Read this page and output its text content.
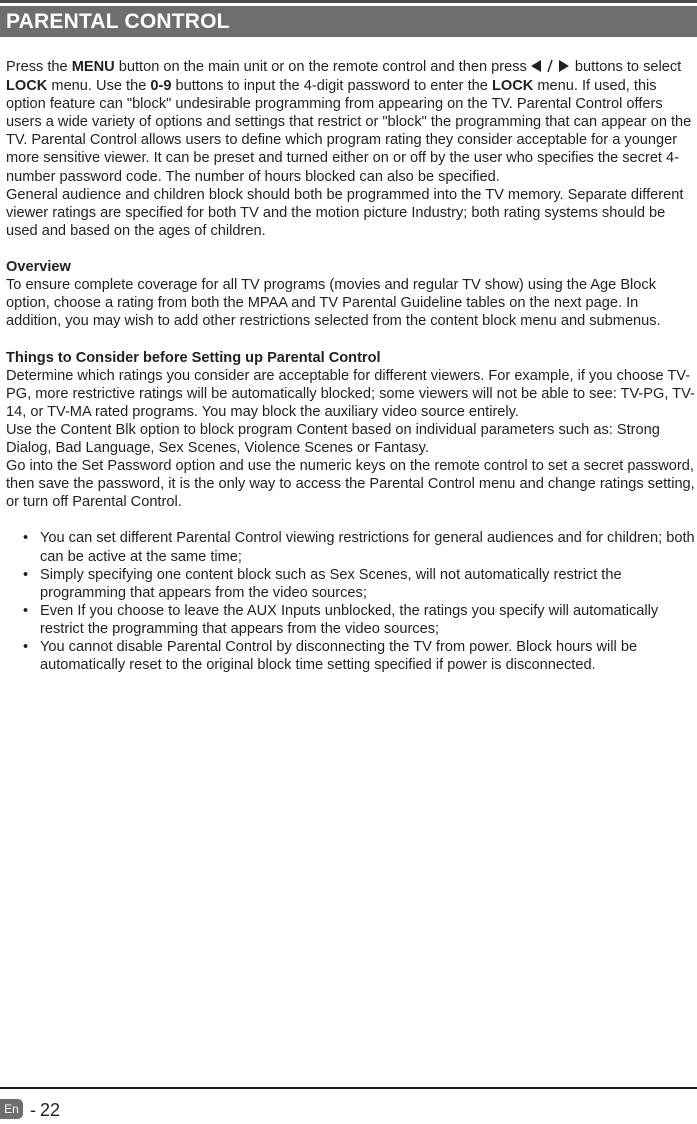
PARENTAL CONTROL

Press the MENU button on the main unit or on the remote control and then press	buttons to select LOCK menu. Use the 0-9 buttons to input the 4-digit password to enter the LOCK menu. If used, this option feature can "block" undesirable programming from appearing on the TV. Parental Control offers users a wide variety of options and settings that restrict or "block" the programming that can appear on the TV. Parental Control allows users to define which program rating they consider acceptable for a younger more sensitive viewer. It can be preset and turned either on or off by the user who specifies the secret 4-number password code. The number of hours blocked can also be specified.

General audience and children block should both be programmed into the TV memory. Separate different viewer ratings are specified for both TV and the motion picture Industry; both rating systems should be used and based on the ages of children.

Overview

To ensure complete coverage for all TV programs (movies and regular TV show) using the Age Block option, choose a rating from both the MPAA and TV Parental Guideline tables on the next page. In addition, you may wish to add other restrictions selected from the content block menu and submenus.

Things to Consider before Setting up Parental Control

Determine which ratings you consider are acceptable for different viewers. For example, if you choose TV-PG, more restrictive ratings will be automatically blocked; some viewers will not be able to see: TV-PG, TV-14, or TV-MA rated programs. You may block the auxiliary video source entirely.

Use the Content Blk option to block program Content based on individual parameters such as: Strong Dialog, Bad Language, Sex Scenes, Violence Scenes or Fantasy.

Go into the Set Password option and use the numeric keys on the remote control to set a secret password, then save the password, it is the only way to access the Parental Control menu and change ratings setting, or turn off Parental Control.

• You can set different Parental Control viewing restrictions for general audiences and for children; both can be active at the same time;
• Simply specifying one content block such as Sex Scenes, will not automatically restrict the programming that appears from the video sources;
• Even If you choose to leave the AUX Inputs unblocked, the ratings you specify will automatically restrict the programming that appears from the video sources;
• You cannot disable Parental Control by disconnecting the TV from power. Block hours will be automatically reset to the original block time setting specified if power is disconnected.
En - 22
